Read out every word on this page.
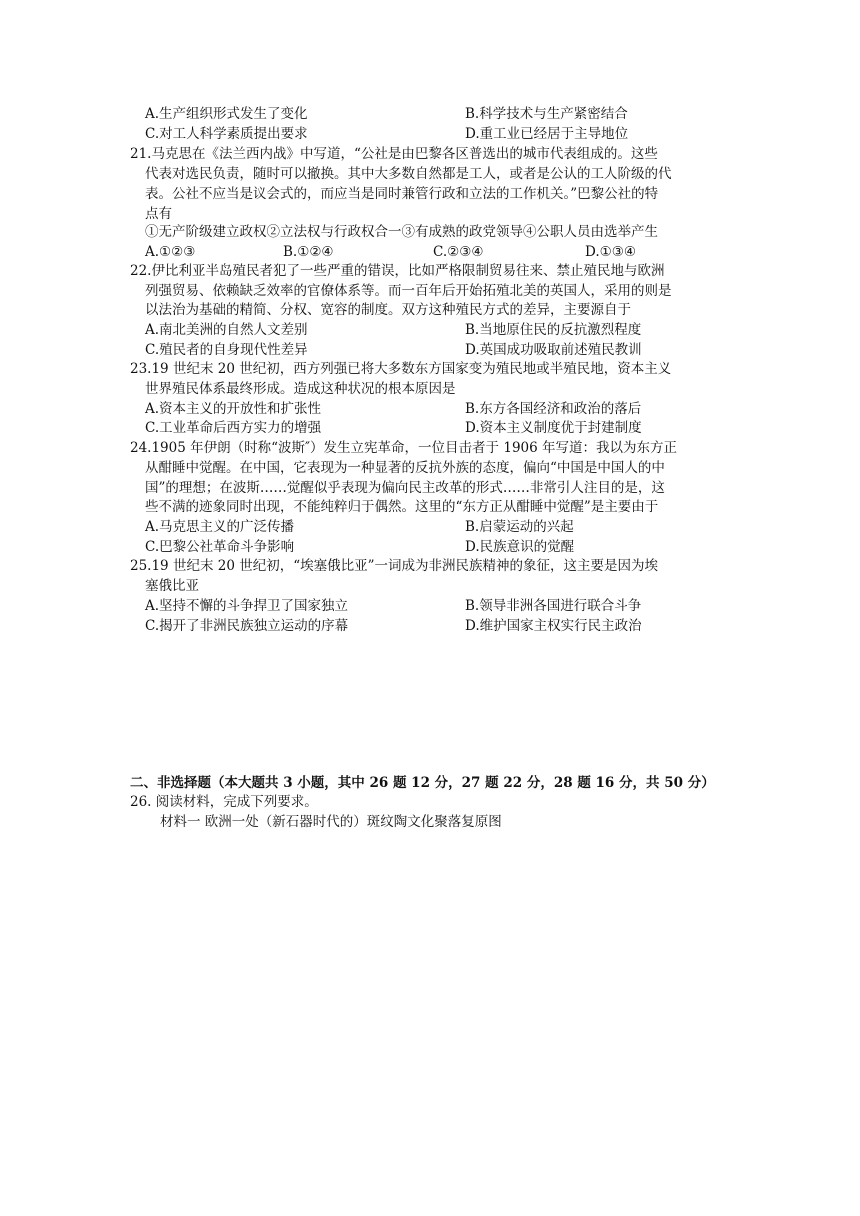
A.生产组织形式发生了变化	B.科学技术与生产紧密结合
C.对工人科学素质提出要求	D.重工业已经居于主导地位
21.马克思在《法兰西内战》中写道，“公社是由巴黎各区普选出的城市代表组成的。这些
代表对选民负责，随时可以撤换。其中大多数自然都是工人，或者是公认的工人阶级的代
表。公社不应当是议会式的，而应当是同时兼管行政和立法的工作机关。”巴黎公社的特
点有
①无产阶级建立政权②立法权与行政权合一③有成熟的政党领导④公职人员由选举产生
A.①②③	B.①②④	C.②③④	D.①③④
22.伊比利亚半岛殖民者犯了一些严重的错误，比如严格限制贸易往来、禁止殖民地与欧洲
列强贸易、依赖缺乏效率的官僚体系等。而一百年后开始拓殖北美的英国人，采用的则是
以法治为基础的精简、分权、宽容的制度。双方这种殖民方式的差异，主要源自于
A.南北美洲的自然人文差别	B.当地原住民的反抗激烈程度
C.殖民者的自身现代性差异	D.英国成功吸取前述殖民教训
23.19 世纪末 20 世纪初，西方列强已将大多数东方国家变为殖民地或半殖民地，资本主义
世界殖民体系最终形成。造成这种状况的根本原因是
A.资本主义的开放性和扩张性	B.东方各国经济和政治的落后
C.工业革命后西方实力的增强	D.资本主义制度优于封建制度
24.1905 年伊朗（时称“波斯″）发生立宪革命，一位目击者于 1906 年写道：我以为东方正
从酣睡中觉醒。在中国，它表现为一种显著的反抗外族的态度，偏向“中国是中国人的中
国”的理想；在波斯……觉醒似乎表现为偏向民主改革的形式……非常引人注目的是，这
些不满的迹象同时出现，不能纯粹归于偶然。这里的“东方正从酣睡中觉醒”是主要由于
A.马克思主义的广泛传播	B.启蒙运动的兴起
C.巴黎公社革命斗争影响	D.民族意识的觉醒
25.19 世纪末 20 世纪初，“埃塞俄比亚”一词成为非洲民族精神的象征，这主要是因为埃
塞俄比亚
A.坚持不懈的斗争捍卫了国家独立	B.领导非洲各国进行联合斗争
C.揭开了非洲民族独立运动的序幕	D.维护国家主权实行民主政治
二、非选择题（本大题共 3 小题，其中 26 题 12 分，27 题 22 分，28 题 16 分，共 50 分）
26. 阅读材料，完成下列要求。
材料一 欧洲一处（新石器时代的）斑纹陶文化聚落复原图
